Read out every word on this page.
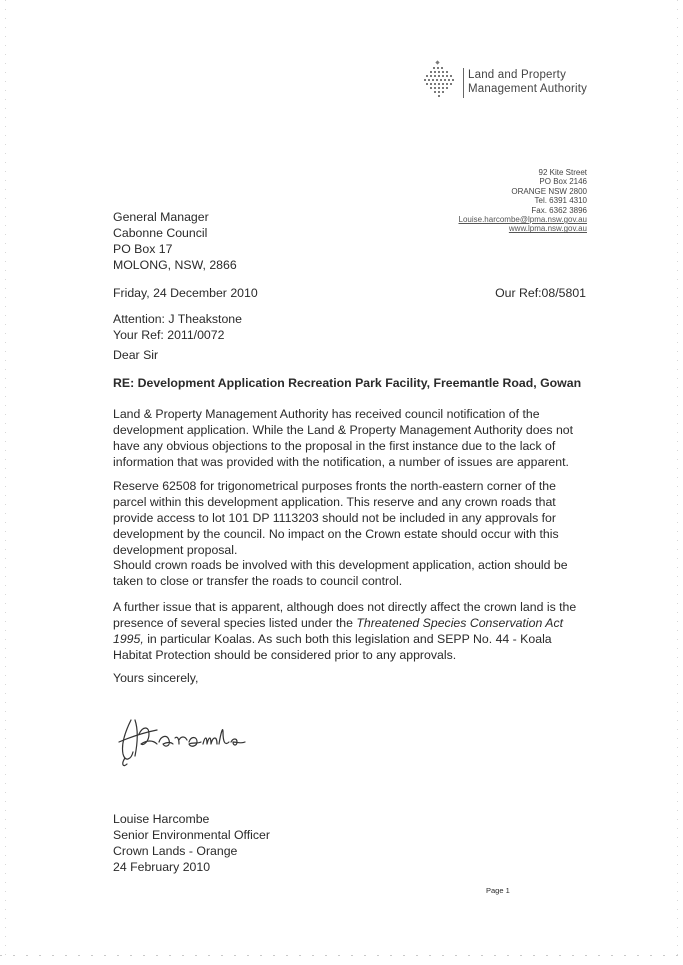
Land and Property
Management Authority
92 Kite Street
PO Box 2146
ORANGE NSW 2800
Tel. 6391 4310
Fax. 6362 3896
Louise.harcombe@lpma.nsw.gov.au
www.lpma.nsw.gov.au
General Manager
Cabonne Council
PO Box 17
MOLONG, NSW, 2866
Friday, 24 December 2010	Our Ref:08/5801
Attention: J Theakstone
Your Ref: 2011/0072
Dear Sir
RE: Development Application Recreation Park Facility, Freemantle Road, Gowan
Land & Property Management Authority has received council notification of the development application. While the Land & Property Management Authority does not have any obvious objections to the proposal in the first instance due to the lack of information that was provided with the notification, a number of issues are apparent.
Reserve 62508 for trigonometrical purposes fronts the north-eastern corner of the parcel within this development application. This reserve and any crown roads that provide access to lot 101 DP 1113203 should not be included in any approvals for development by the council. No impact on the Crown estate should occur with this development proposal.
Should crown roads be involved with this development application, action should be taken to close or transfer the roads to council control.
A further issue that is apparent, although does not directly affect the crown land is the presence of several species listed under the Threatened Species Conservation Act 1995, in particular Koalas. As such both this legislation and SEPP No. 44 - Koala Habitat Protection should be considered prior to any approvals.
Yours sincerely,
Louise Harcombe
Senior Environmental Officer
Crown Lands - Orange
24 February 2010
Page 1
